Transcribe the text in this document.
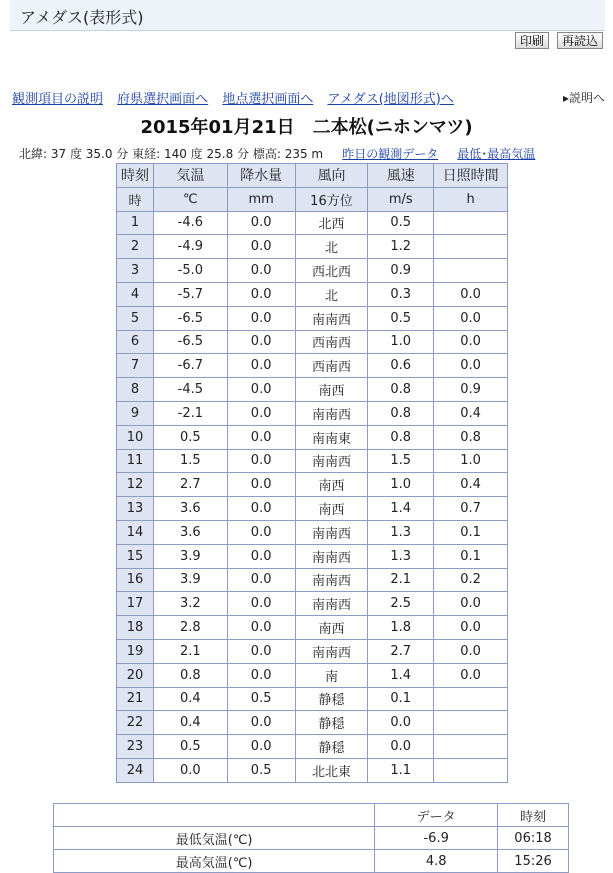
アメダス(表形式)
印刷	再読込
観測項目の説明 府県選択画面へ 地点選択画面へ アメダス(地図形式)へ	▸説明へ
2015年01月21日　二本松(ニホンマツ)
北緯: 37 度 35.0 分 東経: 140 度 25.8 分 標高: 235 m 昨日の観測データ 最低･最高気温
時刻	気温	降水量	風向	風速	日照時間
時	℃	mm	16方位	m/s	h
1	-4.6	0.0	北西	0.5	
2	-4.9	0.0	北	1.2	
3	-5.0	0.0	西北西	0.9	
4	-5.7	0.0	北	0.3	0.0
5	-6.5	0.0	南南西	0.5	0.0
6	-6.5	0.0	西南西	1.0	0.0
7	-6.7	0.0	西南西	0.6	0.0
8	-4.5	0.0	南西	0.8	0.9
9	-2.1	0.0	南南西	0.8	0.4
10	0.5	0.0	南南東	0.8	0.8
11	1.5	0.0	南南西	1.5	1.0
12	2.7	0.0	南西	1.0	0.4
13	3.6	0.0	南西	1.4	0.7
14	3.6	0.0	南南西	1.3	0.1
15	3.9	0.0	南南西	1.3	0.1
16	3.9	0.0	南南西	2.1	0.2
17	3.2	0.0	南南西	2.5	0.0
18	2.8	0.0	南西	1.8	0.0
19	2.1	0.0	南南西	2.7	0.0
20	0.8	0.0	南	1.4	0.0
21	0.4	0.5	静穏	0.1	
22	0.4	0.0	静穏	0.0	
23	0.5	0.0	静穏	0.0	
24	0.0	0.5	北北東	1.1	
	データ	時刻
最低気温(℃)	-6.9	06:18
最高気温(℃)	4.8	15:26
